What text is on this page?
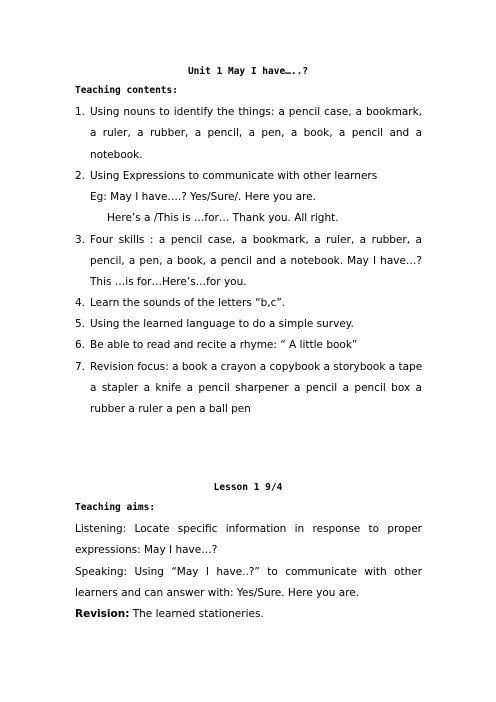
Unit 1 May I have…..?
Teaching contents:
1. Using nouns to identify the things: a pencil case, a bookmark,
a ruler, a rubber, a pencil, a pen, a book, a pencil and a
notebook.
2. Using Expressions to communicate with other learners
Eg: May I have….? Yes/Sure/. Here you are.
Here’s a /This is …for… Thank you. All right.
3. Four skills : a pencil case, a bookmark, a ruler, a rubber, a
pencil, a pen, a book, a pencil and a notebook. May I have…?
This …is for…Here’s…for you.
4. Learn the sounds of the letters “b,c”.
5. Using the learned language to do a simple survey.
6. Be able to read and recite a rhyme: “ A little book”
7. Revision focus: a book a crayon a copybook a storybook a tape
a stapler a knife a pencil sharpener a pencil a pencil box a
rubber a ruler a pen a ball pen
Lesson 1 9/4
Teaching aims:
Listening: Locate specific information in response to proper
expressions: May I have…?
Speaking: Using “May I have..?” to communicate with other
learners and can answer with: Yes/Sure. Here you are.
Revision: The learned stationeries.
